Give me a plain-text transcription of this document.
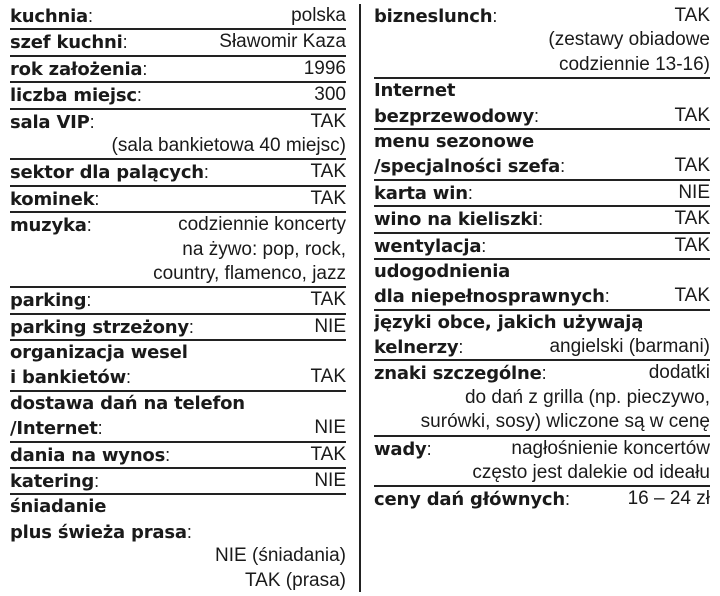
kuchnia :	polska
szef kuchni :	Sławomir Kaza
rok założenia :	1996
liczba miejsc :	300
sala VIP :	TAK
(sala bankietowa 40 miejsc)
sektor dla palących :	TAK
kominek :	TAK
muzyka :	codziennie koncerty
na żywo: pop, rock,
country, flamenco, jazz
parking :	TAK
parking strzeżony :	NIE
organizacja wesel
i bankietów :	TAK
dostawa dań na telefon
/Internet :	NIE
dania na wynos :	TAK
katering :	NIE
śniadanie
plus świeża prasa :
NIE (śniadania)
TAK (prasa)
bizneslunch :	TAK
(zestawy obiadowe
codziennie 13-16)
Internet
bezprzewodowy :	TAK
menu sezonowe
/specjalności szefa :	TAK
karta win :	NIE
wino na kieliszki :	TAK
wentylacja :	TAK
udogodnienia
dla niepełnosprawnych :	TAK
języki obce, jakich używają
kelnerzy :	angielski (barmani)
znaki szczególne :	dodatki
do dań z grilla (np. pieczywo,
surówki, sosy) wliczone są w cenę
wady :	nagłośnienie koncertów
często jest dalekie od ideału
ceny dań głównych :	16 – 24 zł
